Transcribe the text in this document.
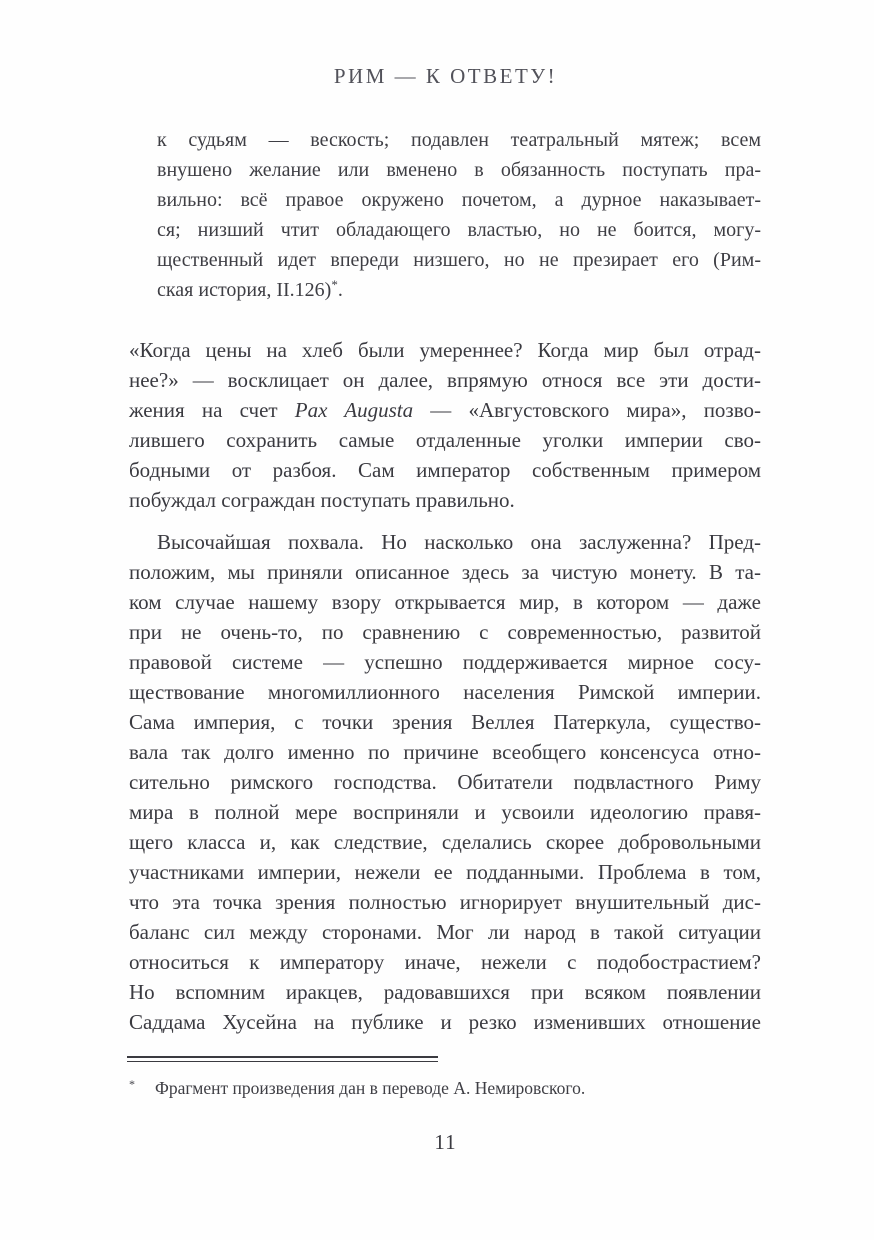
РИМ — К ОТВЕТУ!
к судьям — вескость; подавлен театральный мятеж; всем
внушено желание или вменено в обязанность поступать пра-
вильно: всё правое окружено почетом, а дурное наказывает-
ся; низший чтит обладающего властью, но не боится, могу-
щественный идет впереди низшего, но не презирает его (Рим-
ская история, II.126)*.
«Когда цены на хлеб были умереннее? Когда мир был отрад-
нее?» — восклицает он далее, впрямую относя все эти дости-
жения на счет Pax Augusta — «Августовского мира», позво-
лившего сохранить самые отдаленные уголки империи сво-
бодными от разбоя. Сам император собственным примером
побуждал сограждан поступать правильно.
Высочайшая похвала. Но насколько она заслуженна? Пред-
положим, мы приняли описанное здесь за чистую монету. В та-
ком случае нашему взору открывается мир, в котором — даже
при не очень-то, по сравнению с современностью, развитой
правовой системе — успешно поддерживается мирное сосу-
ществование многомиллионного населения Римской империи.
Сама империя, с точки зрения Веллея Патеркула, существо-
вала так долго именно по причине всеобщего консенсуса отно-
сительно римского господства. Обитатели подвластного Риму
мира в полной мере восприняли и усвоили идеологию правя-
щего класса и, как следствие, сделались скорее добровольными
участниками империи, нежели ее подданными. Проблема в том,
что эта точка зрения полностью игнорирует внушительный дис-
баланс сил между сторонами. Мог ли народ в такой ситуации
относиться к императору иначе, нежели с подобострастием?
Но вспомним иракцев, радовавшихся при всяком появлении
Саддама Хусейна на публике и резко изменивших отношение
* Фрагмент произведения дан в переводе А. Немировского.
11
